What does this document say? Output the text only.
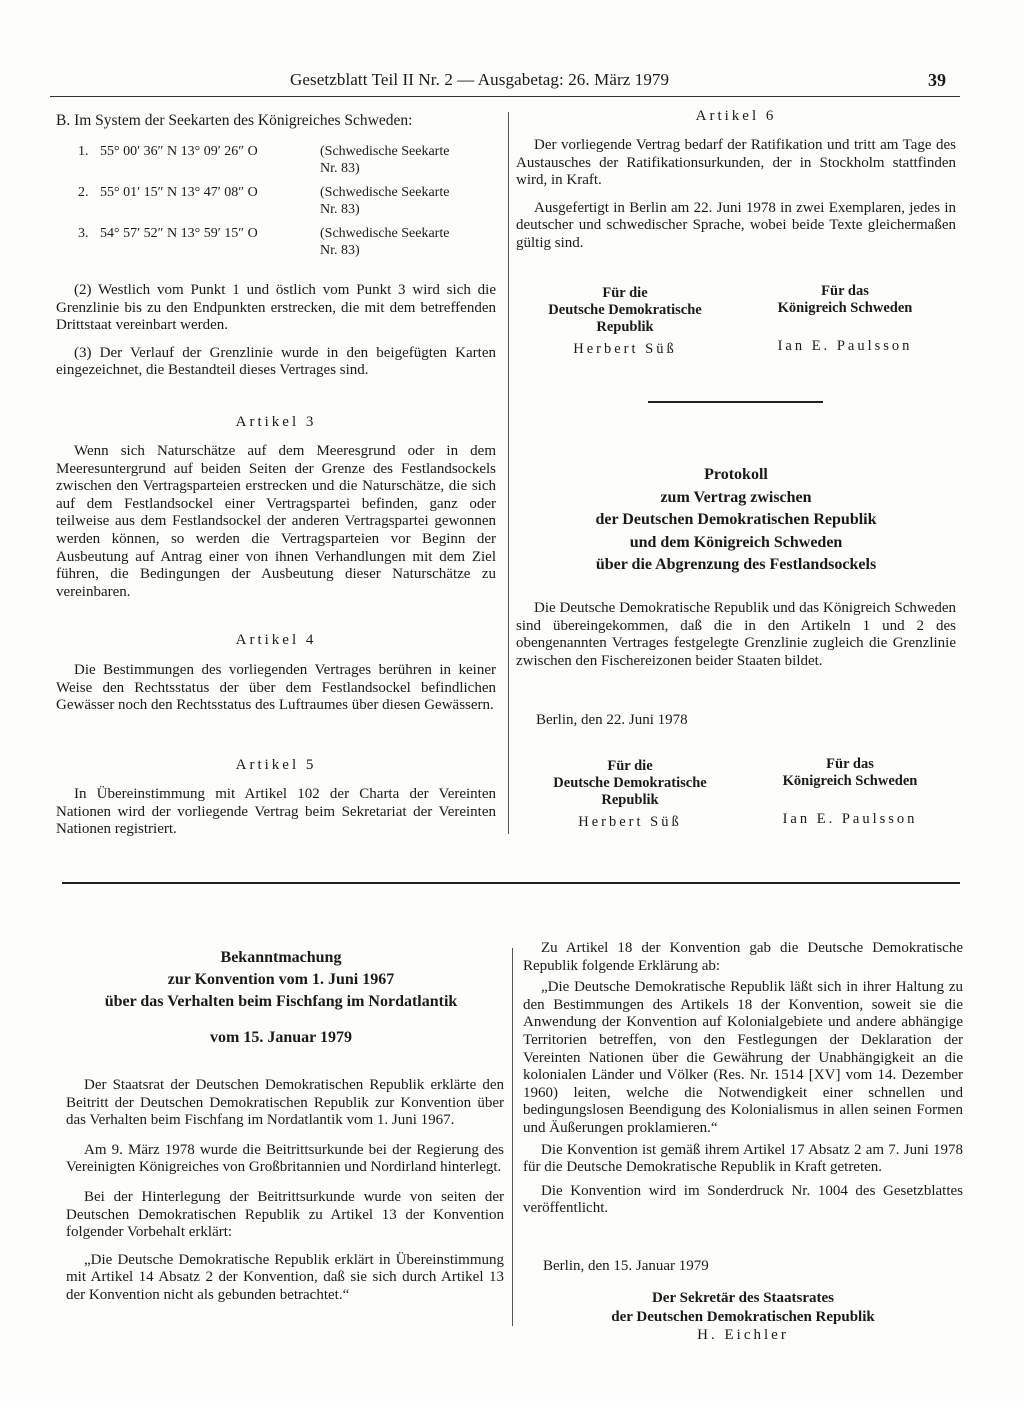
Gesetzblatt Teil II Nr. 2 — Ausgabetag: 26. März 1979	39

B. Im System der Seekarten des Königreiches Schweden:

1. 55° 00′ 36″ N 13° 09′ 26″ O	(Schwedische Seekarte
Nr. 83)
2. 55° 01′ 15″ N 13° 47′ 08″ O	(Schwedische Seekarte
Nr. 83)
3. 54° 57′ 52″ N 13° 59′ 15″ O	(Schwedische Seekarte
Nr. 83)

(2) Westlich vom Punkt 1 und östlich vom Punkt 3 wird sich die Grenzlinie bis zu den Endpunkten erstrecken, die mit dem betreffenden Drittstaat vereinbart werden.

(3) Der Verlauf der Grenzlinie wurde in den beigefügten Karten eingezeichnet, die Bestandteil dieses Vertrages sind.

Artikel 3

Wenn sich Naturschätze auf dem Meeresgrund oder in dem Meeresuntergrund auf beiden Seiten der Grenze des Festlandsockels zwischen den Vertragsparteien erstrecken und die Naturschätze, die sich auf dem Festlandsockel einer Vertragspartei befinden, ganz oder teilweise aus dem Festlandsockel der anderen Vertragspartei gewonnen werden können, so werden die Vertragsparteien vor Beginn der Ausbeutung auf Antrag einer von ihnen Verhandlungen mit dem Ziel führen, die Bedingungen der Ausbeutung dieser Naturschätze zu vereinbaren.

Artikel 4

Die Bestimmungen des vorliegenden Vertrages berühren in keiner Weise den Rechtsstatus der über dem Festlandsockel befindlichen Gewässer noch den Rechtsstatus des Luftraumes über diesen Gewässern.

Artikel 5

In Übereinstimmung mit Artikel 102 der Charta der Vereinten Nationen wird der vorliegende Vertrag beim Sekretariat der Vereinten Nationen registriert.

Artikel 6

Der vorliegende Vertrag bedarf der Ratifikation und tritt am Tage des Austausches der Ratifikationsurkunden, der in Stockholm stattfinden wird, in Kraft.

Ausgefertigt in Berlin am 22. Juni 1978 in zwei Exemplaren, jedes in deutscher und schwedischer Sprache, wobei beide Texte gleichermaßen gültig sind.

Für die
Deutsche Demokratische
Republik
Herbert Süß
Für das
Königreich Schweden
Ian E. Paulsson
Protokoll
zum Vertrag zwischen
der Deutschen Demokratischen Republik
und dem Königreich Schweden
über die Abgrenzung des Festlandsockels

Die Deutsche Demokratische Republik und das Königreich Schweden sind übereingekommen, daß die in den Artikeln 1 und 2 des obengenannten Vertrages festgelegte Grenzlinie zugleich die Grenzlinie zwischen den Fischereizonen beider Staaten bildet.

Berlin, den 22. Juni 1978
Für die
Deutsche Demokratische
Republik
Herbert Süß
Für das
Königreich Schweden
Ian E. Paulsson
Bekanntmachung
zur Konvention vom 1. Juni 1967
über das Verhalten beim Fischfang im Nordatlantik
vom 15. Januar 1979

Der Staatsrat der Deutschen Demokratischen Republik erklärte den Beitritt der Deutschen Demokratischen Republik zur Konvention über das Verhalten beim Fischfang im Nordatlantik vom 1. Juni 1967.

Am 9. März 1978 wurde die Beitrittsurkunde bei der Regierung des Vereinigten Königreiches von Großbritannien und Nordirland hinterlegt.

Bei der Hinterlegung der Beitrittsurkunde wurde von seiten der Deutschen Demokratischen Republik zu Artikel 13 der Konvention folgender Vorbehalt erklärt:

„Die Deutsche Demokratische Republik erklärt in Übereinstimmung mit Artikel 14 Absatz 2 der Konvention, daß sie sich durch Artikel 13 der Konvention nicht als gebunden betrachtet.“

Zu Artikel 18 der Konvention gab die Deutsche Demokratische Republik folgende Erklärung ab:

„Die Deutsche Demokratische Republik läßt sich in ihrer Haltung zu den Bestimmungen des Artikels 18 der Konvention, soweit sie die Anwendung der Konvention auf Kolonialgebiete und andere abhängige Territorien betreffen, von den Festlegungen der Deklaration der Vereinten Nationen über die Gewährung der Unabhängigkeit an die kolonialen Länder und Völker (Res. Nr. 1514 [XV] vom 14. Dezember 1960) leiten, welche die Notwendigkeit einer schnellen und bedingungslosen Beendigung des Kolonialismus in allen seinen Formen und Äußerungen proklamieren.“

Die Konvention ist gemäß ihrem Artikel 17 Absatz 2 am 7. Juni 1978 für die Deutsche Demokratische Republik in Kraft getreten.

Die Konvention wird im Sonderdruck Nr. 1004 des Gesetzblattes veröffentlicht.

Berlin, den 15. Januar 1979
Der Sekretär des Staatsrates
der Deutschen Demokratischen Republik
H. Eichler
